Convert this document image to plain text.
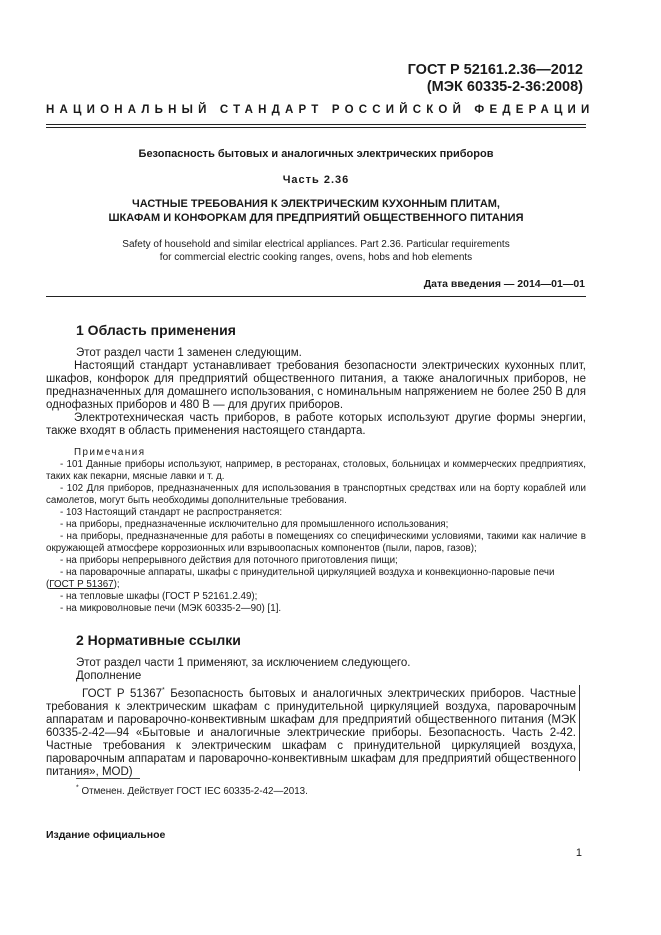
ГОСТ Р 52161.2.36—2012
(МЭК 60335-2-36:2008)
НАЦИОНАЛЬНЫЙ СТАНДАРТ РОССИЙСКОЙ ФЕДЕРАЦИИ
Безопасность бытовых и аналогичных электрических приборов
Часть 2.36
ЧАСТНЫЕ ТРЕБОВАНИЯ К ЭЛЕКТРИЧЕСКИМ КУХОННЫМ ПЛИТАМ,
ШКАФАМ И КОНФОРКАМ ДЛЯ ПРЕДПРИЯТИЙ ОБЩЕСТВЕННОГО ПИТАНИЯ
Safety of household and similar electrical appliances. Part 2.36. Particular requirements
for commercial electric cooking ranges, ovens, hobs and hob elements
Дата введения — 2014—01—01
1 Область применения
Этот раздел части 1 заменен следующим.
Настоящий стандарт устанавливает требования безопасности электрических кухонных плит, шкафов, конфорок для предприятий общественного питания, а также аналогичных приборов, не предназначенных для домашнего использования, с номинальным напряжением не более 250 В для однофазных приборов и 480 В — для других приборов.
Электротехническая часть приборов, в работе которых используют другие формы энергии, также входят в область применения настоящего стандарта.
Примечания
- 101 Данные приборы используют, например, в ресторанах, столовых, больницах и коммерческих предприятиях, таких как пекарни, мясные лавки и т. д.
- 102 Для приборов, предназначенных для использования в транспортных средствах или на борту кораблей или самолетов, могут быть необходимы дополнительные требования.
- 103 Настоящий стандарт не распространяется:
- на приборы, предназначенные исключительно для промышленного использования;
- на приборы, предназначенные для работы в помещениях со специфическими условиями, такими как наличие в окружающей атмосфере коррозионных или взрывоопасных компонентов (пыли, паров, газов);
- на приборы непрерывного действия для поточного приготовления пищи;
- на пароварочные аппараты, шкафы с принудительной циркуляцией воздуха и конвекционно-паровые печи
(ГОСТ Р 51367);
- на тепловые шкафы (ГОСТ Р 52161.2.49);
- на микроволновые печи (МЭК 60335-2—90) [1].
2 Нормативные ссылки
Этот раздел части 1 применяют, за исключением следующего.
Дополнение
ГОСТ Р 51367* Безопасность бытовых и аналогичных электрических приборов. Частные требования к электрическим шкафам с принудительной циркуляцией воздуха, пароварочным аппаратам и пароварочно-конвективным шкафам для предприятий общественного питания (МЭК 60335-2-42—94 «Бытовые и аналогичные электрические приборы. Безопасность. Часть 2-42. Частные требования к электрическим шкафам с принудительной циркуляцией воздуха, пароварочным аппаратам и пароварочно-конвективным шкафам для предприятий общественного питания», MOD)
* Отменен. Действует ГОСТ IEC 60335-2-42—2013.
Издание официальное
1
